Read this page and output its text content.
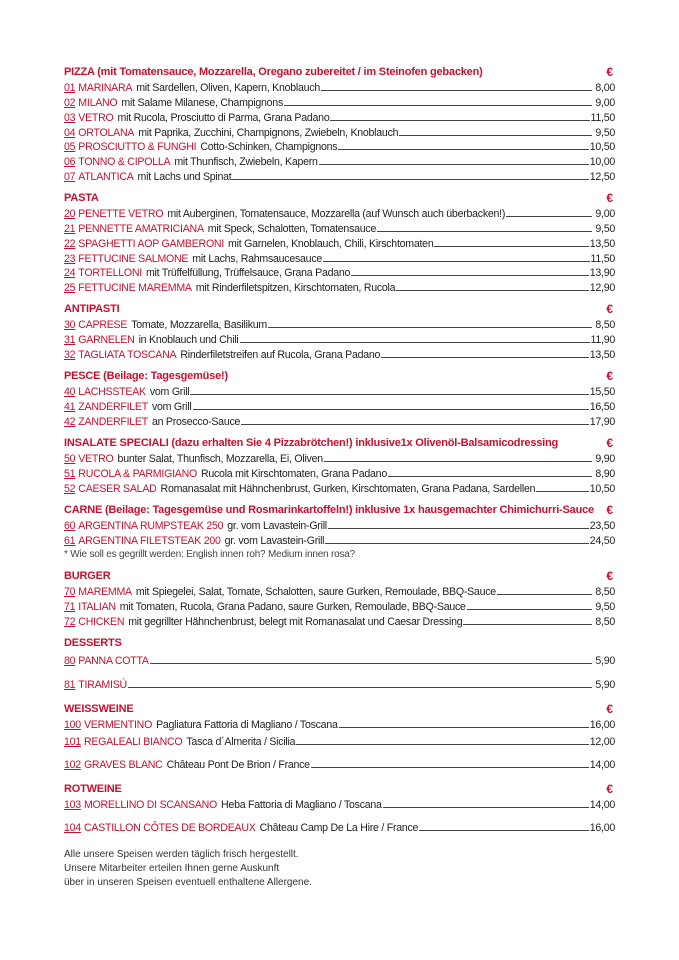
PIZZA (mit Tomatensauce, Mozzarella, Oregano zubereitet / im Steinofen gebacken)	€
01 MARINARA mit Sardellen, Oliven, Kapern, Knoblauch	8,00
02 MILANO mit Salame Milanese, Champignons	9,00
03 VETRO mit Rucola, Prosciutto di Parma, Grana Padano	11,50
04 ORTOLANA mit Paprika, Zucchini, Champignons, Zwiebeln, Knoblauch	9,50
05 PROSCIUTTO & FUNGHI Cotto-Schinken, Champignons	10,50
06 TONNO & CIPOLLA mit Thunfisch, Zwiebeln, Kapern	10,00
07 ATLANTICA mit Lachs und Spinat	12,50
PASTA	€
20 PENETTE VETRO mit Auberginen, Tomatensauce, Mozzarella (auf Wunsch auch überbacken!)	9,00
21 PENNETTE AMATRICIANA mit Speck, Schalotten, Tomatensauce	9,50
22 SPAGHETTI AOP GAMBERONI mit Garnelen, Knoblauch, Chili, Kirschtomaten	13,50
23 FETTUCINE SALMONE mit Lachs, Rahmsaucesauce	11,50
24 TORTELLONI mit Trüffelfüllung, Trüffelsauce, Grana Padano	13,90
25 FETTUCINE MAREMMA mit Rinderfiletspitzen, Kirschtomaten, Rucola	12,90
ANTIPASTI	€
30 CAPRESE Tomate, Mozzarella, Basilikum	8,50
31 GARNELEN in Knoblauch und Chili	11,90
32 TAGLIATA TOSCANA Rinderfiletstreifen auf Rucola, Grana Padano	13,50
PESCE (Beilage: Tagesgemüse!)	€
40 LACHSSTEAK vom Grill	15,50
41 ZANDERFILET vom Grill	16,50
42 ZANDERFILET an Prosecco-Sauce	17,90
INSALATE SPECIALI (dazu erhalten Sie 4 Pizzabrötchen!) inklusive1x Olivenöl-Balsamicodressing	€
50 VETRO bunter Salat, Thunfisch, Mozzarella, Ei, Oliven	9,90
51 RUCOLA & PARMIGIANO Rucola mit Kirschtomaten, Grana Padano	8,90
52 CAESER SALAD Romanasalat mit Hähnchenbrust, Gurken, Kirschtomaten, Grana Padana, Sardellen	10,50
CARNE (Beilage: Tagesgemüse und Rosmarinkartoffeln!) inklusive 1x hausgemachter Chimichurri-Sauce €
60 ARGENTINA RUMPSTEAK 250 gr. vom Lavastein-Grill	23,50
61 ARGENTINA FILETSTEAK 200 gr. vom Lavastein-Grill	24,50
* Wie soll es gegrillt werden: English innen roh? Medium innen rosa?
BURGER	€
70 MAREMMA mit Spiegelei, Salat, Tomate, Schalotten, saure Gurken, Remoulade, BBQ-Sauce	8,50
71 ITALIAN mit Tomaten, Rucola, Grana Padano, saure Gurken, Remoulade, BBQ-Sauce	9,50
72 CHICKEN mit gegrillter Hähnchenbrust, belegt mit Romanasalat und Caesar Dressing	8,50
DESSERTS
80 PANNA COTTA	5,90
81 TIRAMISÚ	5,90
WEISSWEINE	€
100 VERMENTINO Pagliatura Fattoria di Magliano / Toscana	16,00
101 REGALEALI BIANCO Tasca d´Almerita / Sicilia	12,00
102 GRAVES BLANC Château Pont De Brion / France	14,00
ROTWEINE	€
103 MORELLINO DI SCANSANO Heba Fattoria di Magliano / Toscana	14,00
104 CASTILLON CÔTES DE BORDEAUX Château Camp De La Hire / France	16,00
Alle unsere Speisen werden täglich frisch hergestellt.
Unsere Mitarbeiter erteilen Ihnen gerne Auskunft
über in unseren Speisen eventuell enthaltene Allergene.
